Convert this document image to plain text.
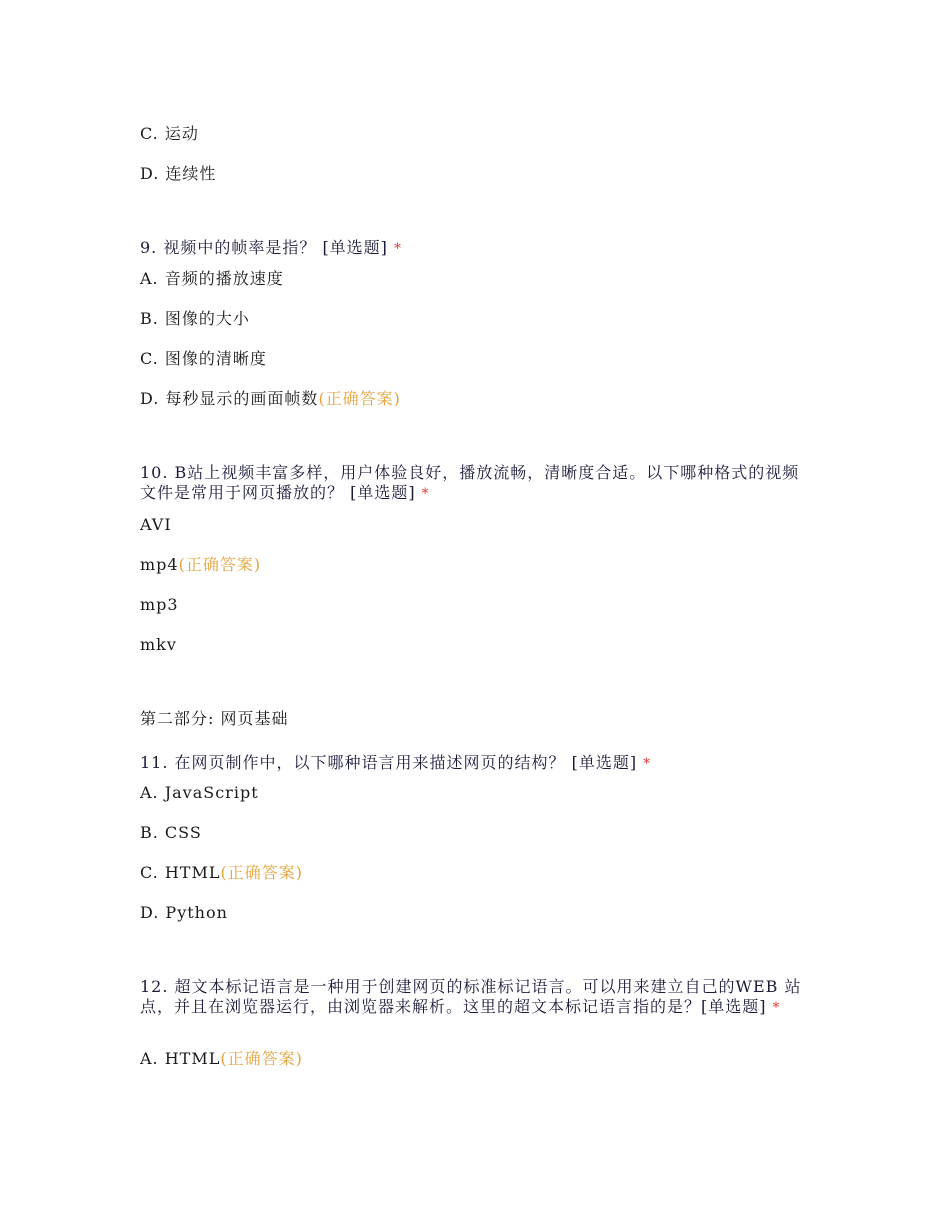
C. 运动
D. 连续性
9. 视频中的帧率是指？ [单选题] *
A. 音频的播放速度
B. 图像的大小
C. 图像的清晰度
D. 每秒显示的画面帧数(正确答案)
10. B站上视频丰富多样，用户体验良好，播放流畅，清晰度合适。以下哪种格式的视频文件是常用于网页播放的？ [单选题] *
AVI
mp4(正确答案)
mp3
mkv
第二部分: 网页基础
11. 在网页制作中，以下哪种语言用来描述网页的结构？ [单选题] *
A. JavaScript
B. CSS
C. HTML(正确答案)
D. Python
12. 超文本标记语言是一种用于创建网页的标准标记语言。可以用来建立自己的WEB 站点，并且在浏览器运行，由浏览器来解析。这里的超文本标记语言指的是？[单选题] *
A. HTML(正确答案)
